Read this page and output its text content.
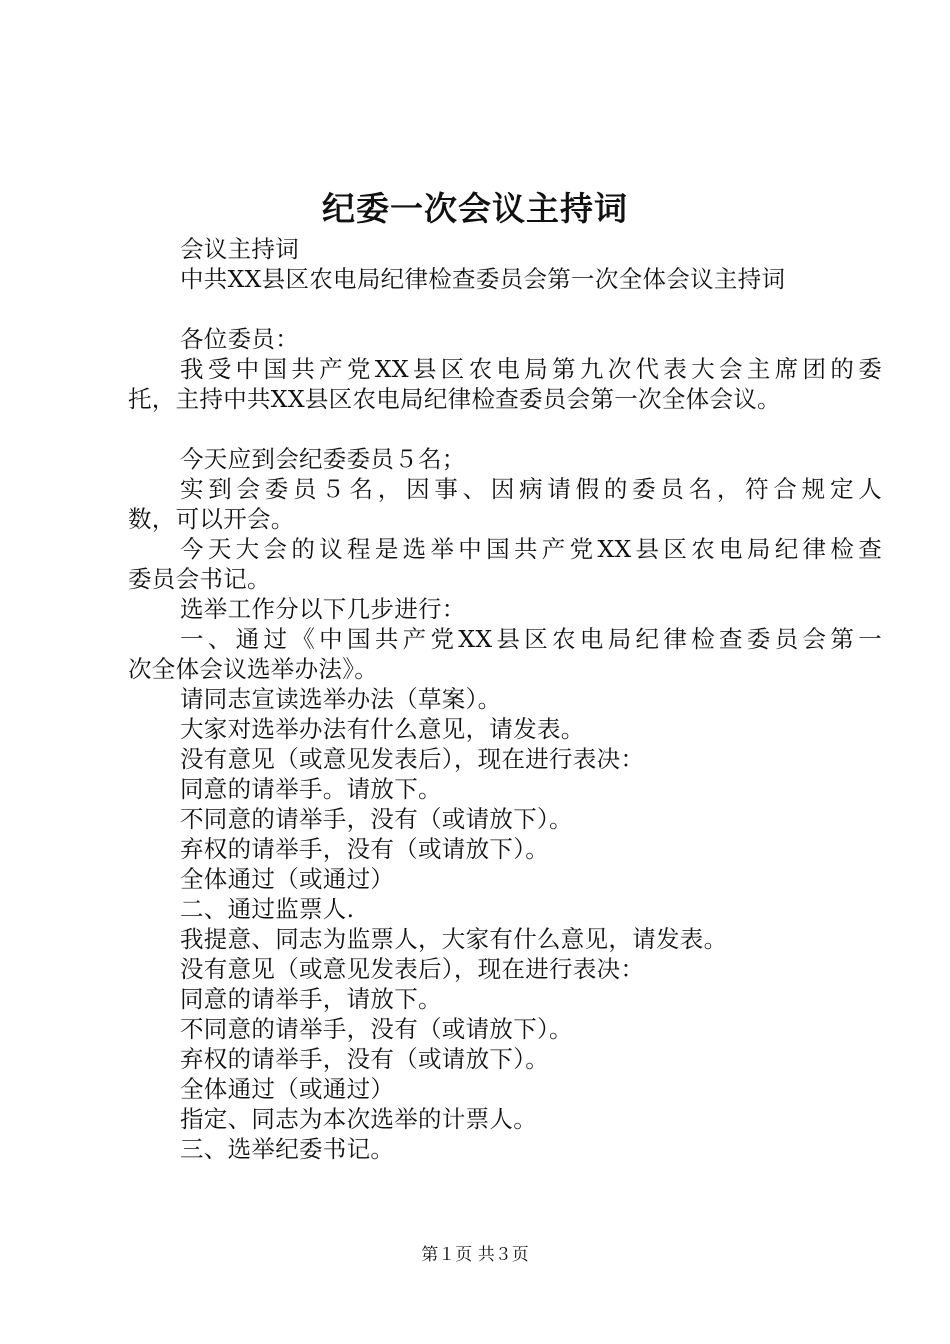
纪委一次会议主持词
会议主持词
中共XX县区农电局纪律检查委员会第一次全体会议主持词
各位委员：
我受中国共产党XX县区农电局第九次代表大会主席团的委
托，主持中共XX县区农电局纪律检查委员会第一次全体会议。
今天应到会纪委委员５名；
实到会委员５名，因事、因病请假的委员名，符合规定人
数，可以开会。
今天大会的议程是选举中国共产党XX县区农电局纪律检查
委员会书记。
选举工作分以下几步进行：
一、通过《中国共产党XX县区农电局纪律检查委员会第一
次全体会议选举办法》。
请同志宣读选举办法（草案）。
大家对选举办法有什么意见，请发表。
没有意见（或意见发表后），现在进行表决：
同意的请举手。请放下。
不同意的请举手，没有（或请放下）。
弃权的请举手，没有（或请放下）。
全体通过（或通过）
二、通过监票人.
我提意、同志为监票人，大家有什么意见，请发表。
没有意见（或意见发表后），现在进行表决：
同意的请举手，请放下。
不同意的请举手，没有（或请放下）。
弃权的请举手，没有（或请放下）。
全体通过（或通过）
指定、同志为本次选举的计票人。
三、选举纪委书记。
第１页 共３页
